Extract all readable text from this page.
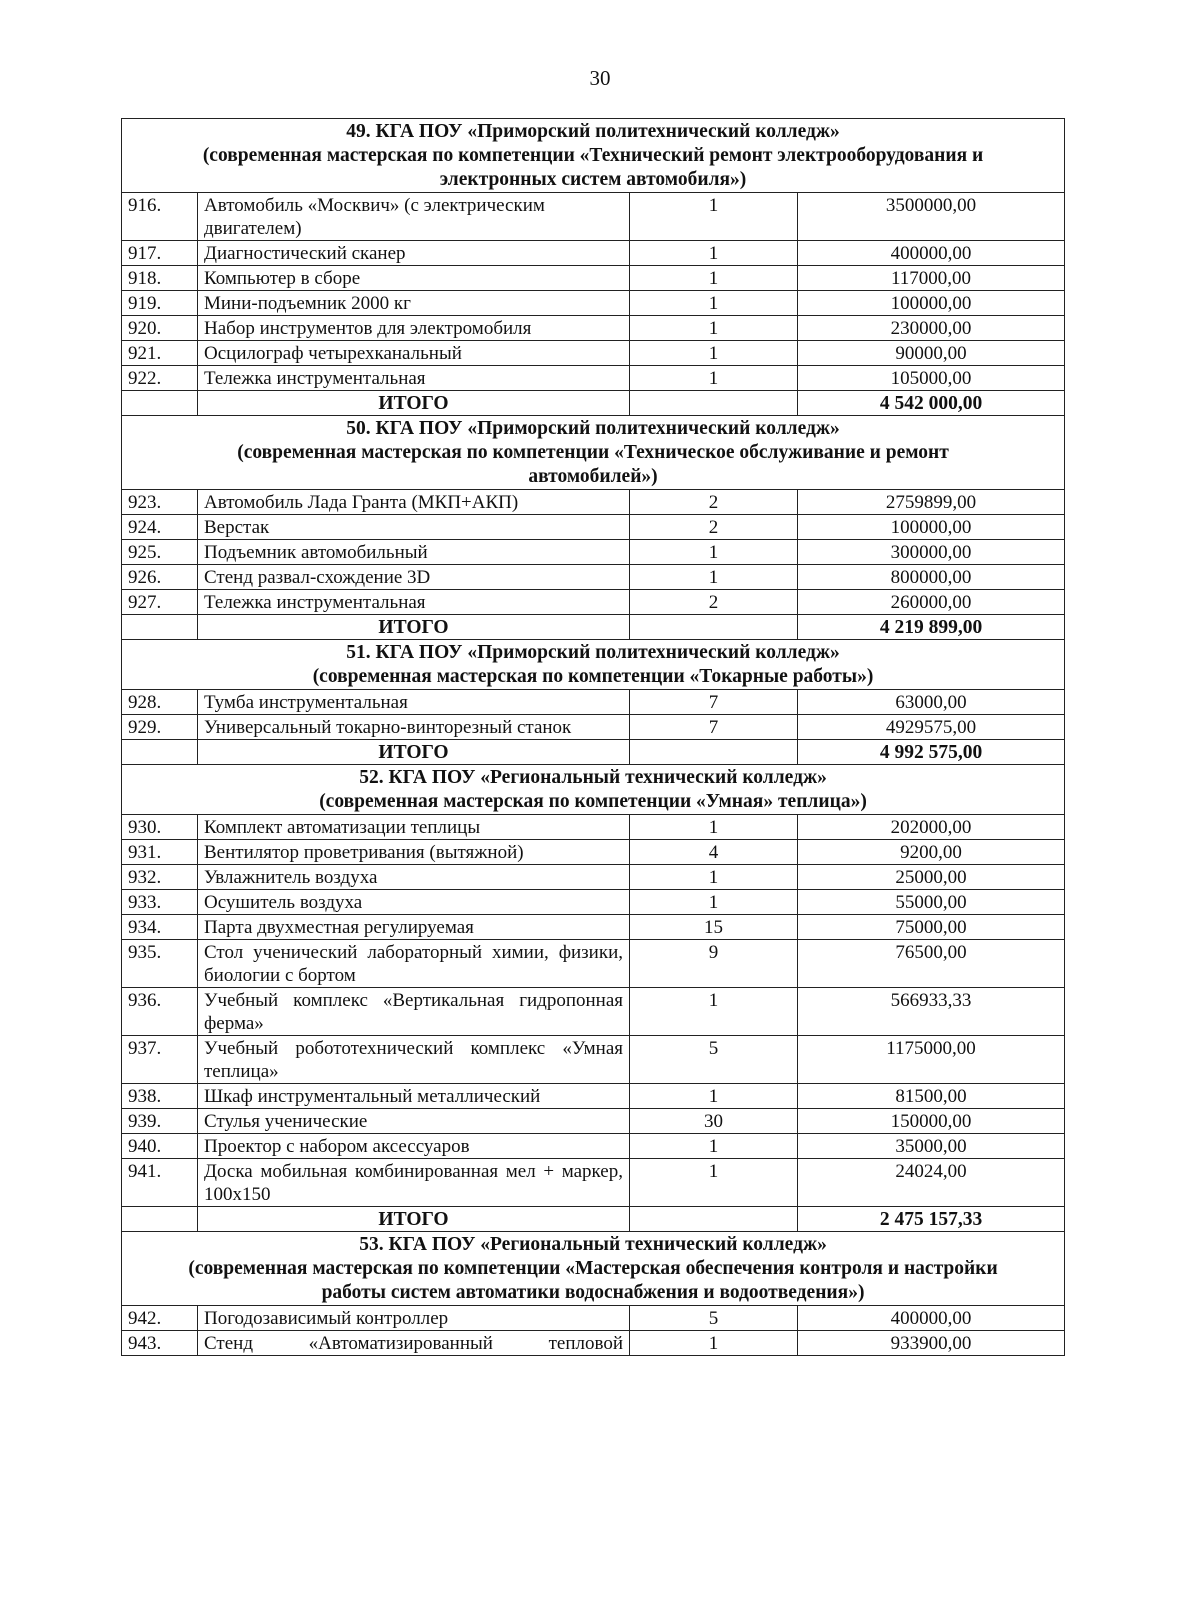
30
49. КГА ПОУ «Приморский политехнический колледж»
(современная мастерская по компетенции «Технический ремонт электрооборудования и
электронных систем автомобиля»)			

916.	Автомобиль «Москвич» (с электрическим двигателем)	1	3500000,00
917.	Диагностический сканер	1	400000,00
918.	Компьютер в сборе	1	117000,00
919.	Мини-подъемник 2000 кг	1	100000,00
920.	Набор инструментов для электромобиля	1	230000,00
921.	Осцилограф четырехканальный	1	90000,00
922.	Тележка инструментальная	1	105000,00
	ИТОГО		4 542 000,00

50. КГА ПОУ «Приморский политехнический колледж»
(современная мастерская по компетенции «Техническое обслуживание и ремонт
автомобилей»)			

923.	Автомобиль Лада Гранта (МКП+АКП)	2	2759899,00
924.	Верстак	2	100000,00
925.	Подъемник автомобильный	1	300000,00
926.	Стенд развал-схождение 3D	1	800000,00
927.	Тележка инструментальная	2	260000,00
	ИТОГО		4 219 899,00

51. КГА ПОУ «Приморский политехнический колледж»
(современная мастерская по компетенции «Токарные работы»)			

928.	Тумба инструментальная	7	63000,00
929.	Универсальный токарно-винторезный станок	7	4929575,00
	ИТОГО		4 992 575,00

52. КГА ПОУ «Региональный технический колледж»
(современная мастерская по компетенции «Умная» теплица»)			

930.	Комплект автоматизации теплицы	1	202000,00
931.	Вентилятор проветривания (вытяжной)	4	9200,00
932.	Увлажнитель воздуха	1	25000,00
933.	Осушитель воздуха	1	55000,00
934.	Парта двухместная регулируемая	15	75000,00
935.	Стол ученический лабораторный химии, физики, биологии с бортом	9	76500,00
936.	Учебный комплекс «Вертикальная гидропонная ферма»	1	566933,33
937.	Учебный робототехнический комплекс «Умная теплица»	5	1175000,00
938.	Шкаф инструментальный металлический	1	81500,00
939.	Стулья ученические	30	150000,00
940.	Проектор с набором аксессуаров	1	35000,00
941.	Доска мобильная комбинированная мел + маркер, 100х150	1	24024,00
	ИТОГО		2 475 157,33

53. КГА ПОУ «Региональный технический колледж»
(современная мастерская по компетенции «Мастерская обеспечения контроля и настройки
работы систем автоматики водоснабжения и водоотведения»)			

942.	Погодозависимый контроллер	5	400000,00
943.	Стенд «Автоматизированный тепловой	1	933900,00
